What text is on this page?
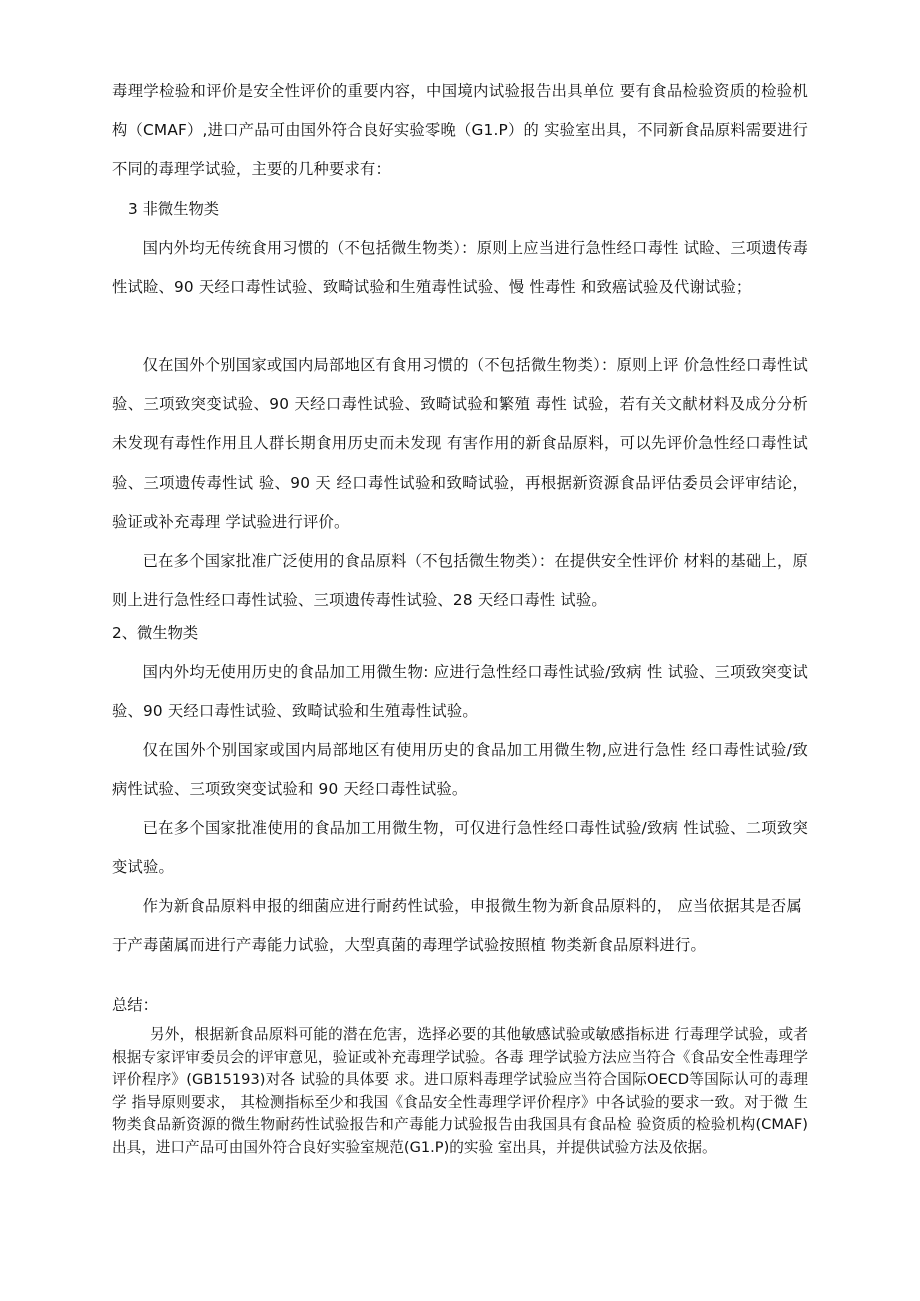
毒理学检验和评价是安全性评价的重要内容，中国境内试验报告出具单位 要有食品检验资质的检验机构（CMAF）,进口产品可由国外符合良好实验零晚（G1.P）的 实验室出具，不同新食品原料需要进行不同的毒理学试验，主要的几种要求有：

3 非微生物类

国内外均无传统食用习惯的（不包括微生物类）：原则上应当进行急性经口毒性 试睑、三项遗传毒性试睑、90 天经口毒性试验、致畸试验和生殖毒性试验、慢 性毒性 和致癌试验及代谢试验；

仅在国外个别国家或国内局部地区有食用习惯的（不包括微生物类）：原则上评 价急性经口毒性试验、三项致突变试验、90 天经口毒性试验、致畸试验和繁殖 毒性 试验，若有关文献材料及成分分析未发现有毒性作用且人群长期食用历史而未发现 有害作用的新食品原料，可以先评价急性经口毒性试验、三项遗传毒性试 验、90 天 经口毒性试验和致畸试验，再根据新资源食品评估委员会评审结论，验证或补充毒理 学试验进行评价。

已在多个国家批准广泛使用的食品原料（不包括微生物类）：在提供安全性评价 材料的基础上，原则上进行急性经口毒性试验、三项遗传毒性试验、28 天经口毒性 试验。

2、微生物类

国内外均无使用历史的食品加工用微生物: 应进行急性经口毒性试验/致病 性 试验、三项致突变试验、90 天经口毒性试验、致畸试验和生殖毒性试验。

仅在国外个别国家或国内局部地区有使用历史的食品加工用微生物,应进行急性 经口毒性试验/致病性试验、三项致突变试验和 90 天经口毒性试验。

已在多个国家批准使用的食品加工用微生物，可仅进行急性经口毒性试验/致病 性试验、二项致突变试验。

作为新食品原料申报的细菌应进行耐药性试验，申报微生物为新食品原料的， 应当依据其是否属于产毒菌属而进行产毒能力试验，大型真菌的毒理学试验按照植 物类新食品原料进行。

总结：

另外，根据新食品原料可能的潜在危害，选择必要的其他敏感试验或敏感指标进 行毒理学试验，或者根据专家评审委员会的评审意见，验证或补充毒理学试验。各毒 理学试验方法应当符合《食品安全性毒理学评价程序》(GB15193)对各 试验的具体要 求。进口原料毒理学试验应当符合国际OECD等国际认可的毒理学 指导原则要求， 其检测指标至少和我国《食品安全性毒理学评价程序》中各试验的要求一致。对于微 生物类食品新资源的微生物耐药性试验报告和产毒能力试验报告由我国具有食品检 验资质的检验机构(CMAF)出具，进口产品可由国外符合良好实验室规范(G1.P)的实验 室出具，并提供试验方法及依据。
